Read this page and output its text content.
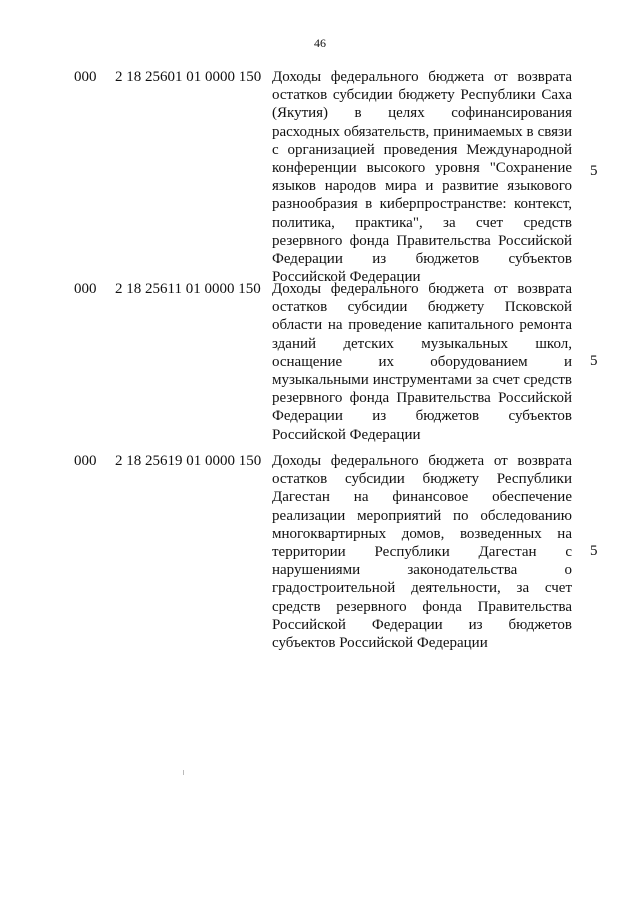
46
000 2 18 25601 01 0000 150 Доходы федерального бюджета от возврата остатков субсидии бюджету Республики Саха (Якутия) в целях софинансирования расходных обязательств, принимаемых в связи с организацией проведения Международной конференции высокого уровня "Сохранение языков народов мира и развитие языкового разнообразия в киберпространстве: контекст, политика, практика", за счет средств резервного фонда Правительства Российской Федерации из бюджетов субъектов Российской Федерации
5
000 2 18 25611 01 0000 150 Доходы федерального бюджета от возврата остатков субсидии бюджету Псковской области на проведение капитального ремонта зданий детских музыкальных школ, оснащение их оборудованием и музыкальными инструментами за счет средств резервного фонда Правительства Российской Федерации из бюджетов субъектов Российской Федерации
5
000 2 18 25619 01 0000 150 Доходы федерального бюджета от возврата остатков субсидии бюджету Республики Дагестан на финансовое обеспечение реализации мероприятий по обследованию многоквартирных домов, возведенных на территории Республики Дагестан с нарушениями законодательства о градостроительной деятельности, за счет средств резервного фонда Правительства Российской Федерации из бюджетов субъектов Российской Федерации
5
